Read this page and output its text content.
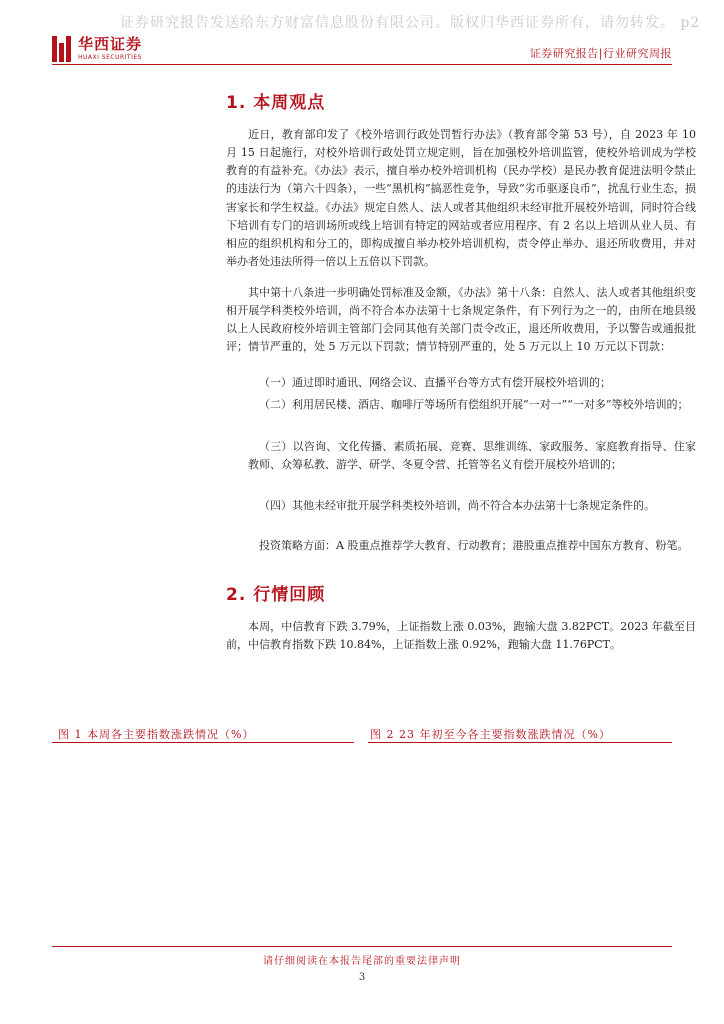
证券研究报告发送给东方财富信息股份有限公司。版权归华西证券所有，请勿转发。 p2
华西证券
HUAXI SECURITIES	证券研究报告|行业研究周报
1. 本周观点

近日，教育部印发了《校外培训行政处罚暂行办法》（教育部令第 53 号），自 2023 年 10 月 15 日起施行，对校外培训行政处罚立规定则，旨在加强校外培训监管，使校外培训成为学校教育的有益补充。《办法》表示，擅自举办校外培训机构（民办学校）是民办教育促进法明令禁止的违法行为（第六十四条），一些“黑机构”搞恶性竞争，导致“劣币驱逐良币”，扰乱行业生态，损害家长和学生权益。《办法》规定自然人、法人或者其他组织未经审批开展校外培训，同时符合线下培训有专门的培训场所或线上培训有特定的网站或者应用程序、有 2 名以上培训从业人员、有相应的组织机构和分工的，即构成擅自举办校外培训机构，责令停止举办、退还所收费用，并对举办者处违法所得一倍以上五倍以下罚款。

其中第十八条进一步明确处罚标准及金额，《办法》第十八条：自然人、法人或者其他组织变相开展学科类校外培训，尚不符合本办法第十七条规定条件，有下列行为之一的，由所在地县级以上人民政府校外培训主管部门会同其他有关部门责令改正，退还所收费用，予以警告或通报批评；情节严重的，处 5 万元以下罚款；情节特别严重的，处 5 万元以上 10 万元以下罚款：

（一）通过即时通讯、网络会议、直播平台等方式有偿开展校外培训的；

（二）利用居民楼、酒店、咖啡厅等场所有偿组织开展“一对一”“一对多”等校外培训的；

（三）以咨询、文化传播、素质拓展、竞赛、思维训练、家政服务、家庭教育指导、住家教师、众筹私教、游学、研学、冬夏令营、托管等名义有偿开展校外培训的；

（四）其他未经审批开展学科类校外培训，尚不符合本办法第十七条规定条件的。

投资策略方面：A 股重点推荐学大教育、行动教育；港股重点推荐中国东方教育、粉笔。

2. 行情回顾

本周，中信教育下跌 3.79%，上证指数上涨 0.03%，跑输大盘 3.82PCT。2023 年截至目前，中信教育指数下跌 10.84%，上证指数上涨 0.92%，跑输大盘 11.76PCT。

图 1 本周各主要指数涨跌情况（%）	图 2 23 年初至今各主要指数涨跌情况（%）
请仔细阅读在本报告尾部的重要法律声明
3
